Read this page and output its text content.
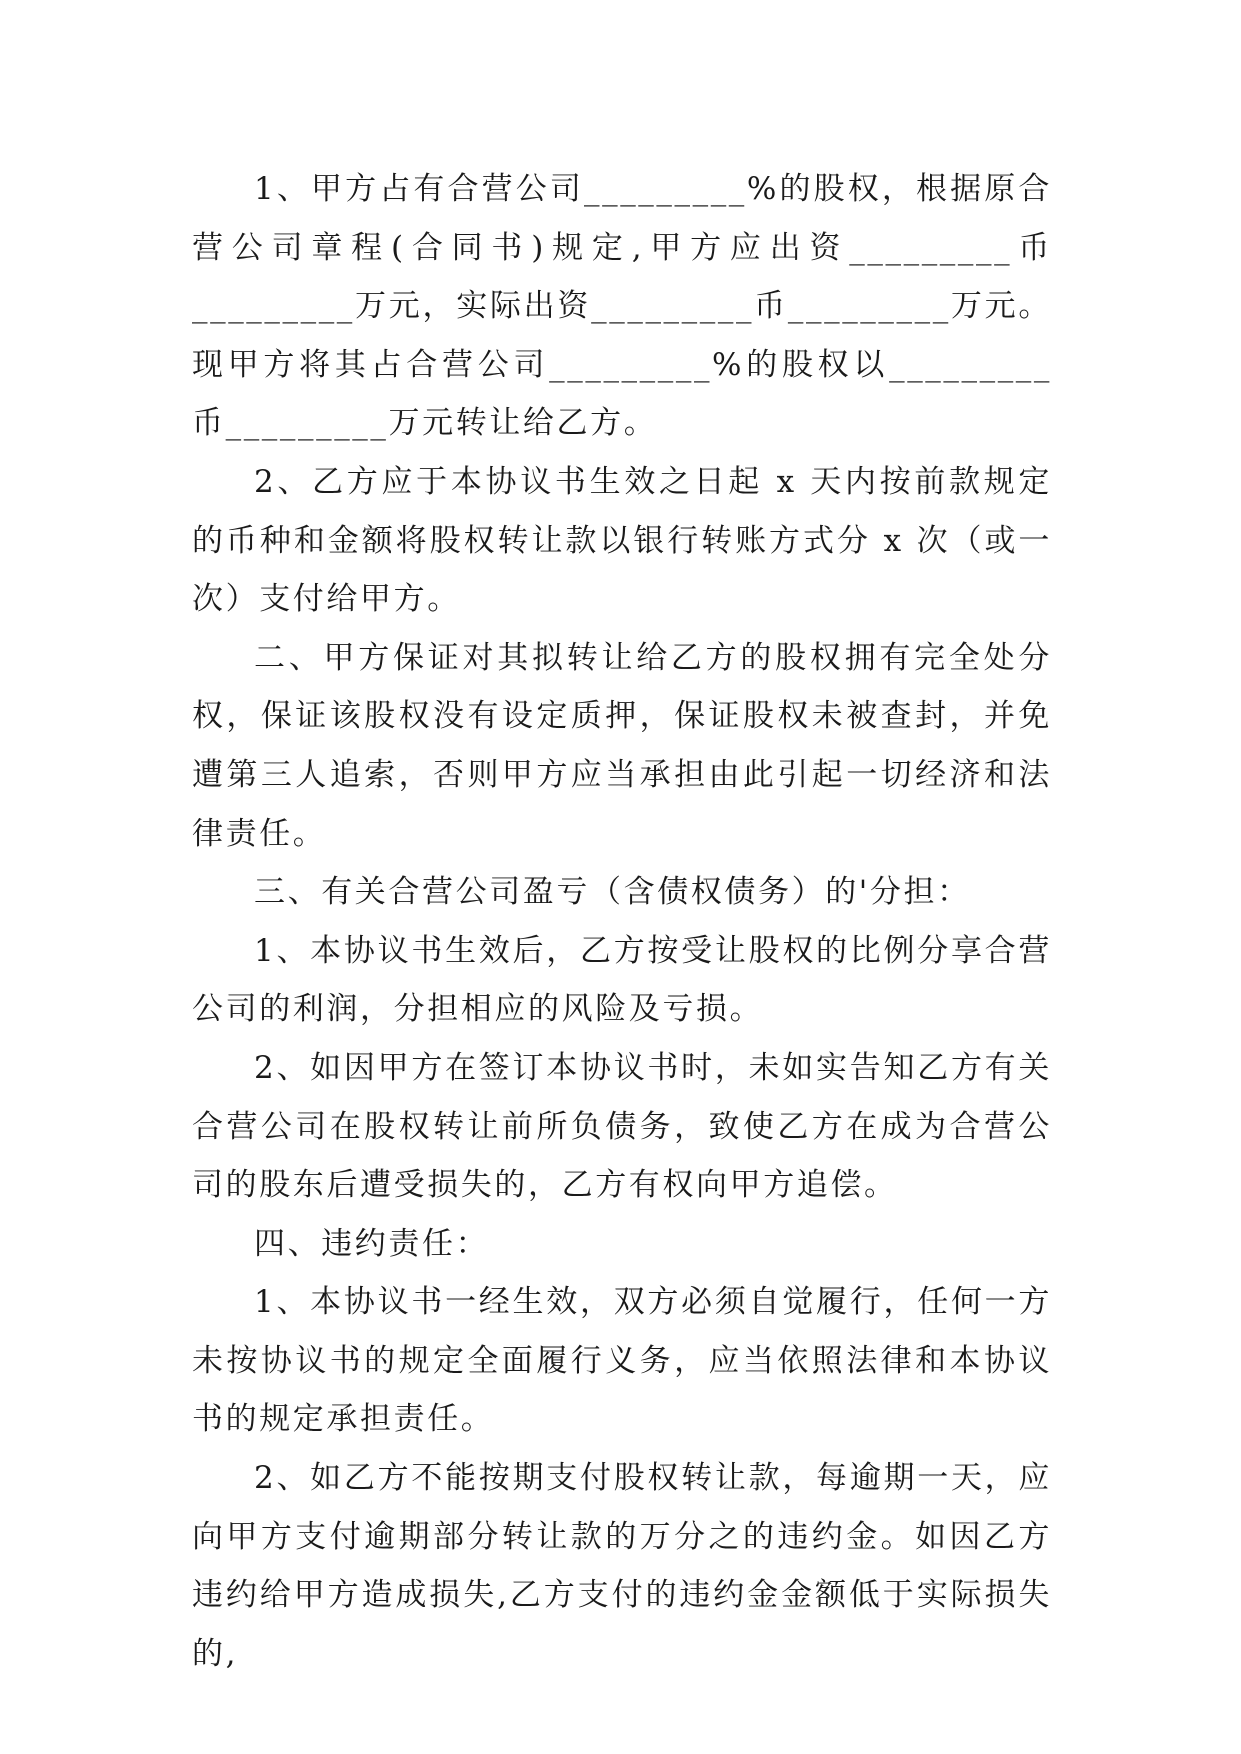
1、甲方占有合营公司_________%的股权，根据原合营公司章程(合同书)规定,甲方应出资_________币_________万元，实际出资_________币_________万元。现甲方将其占合营公司_________%的股权以_________币_________万元转让给乙方。

2、乙方应于本协议书生效之日起 x 天内按前款规定的币种和金额将股权转让款以银行转账方式分 x 次（或一次）支付给甲方。

二、甲方保证对其拟转让给乙方的股权拥有完全处分权，保证该股权没有设定质押，保证股权未被查封，并免遭第三人追索，否则甲方应当承担由此引起一切经济和法律责任。

三、有关合营公司盈亏（含债权债务）的'分担：

1、本协议书生效后，乙方按受让股权的比例分享合营公司的利润，分担相应的风险及亏损。

2、如因甲方在签订本协议书时，未如实告知乙方有关合营公司在股权转让前所负债务，致使乙方在成为合营公司的股东后遭受损失的，乙方有权向甲方追偿。

四、违约责任：

1、本协议书一经生效，双方必须自觉履行，任何一方未按协议书的规定全面履行义务，应当依照法律和本协议书的规定承担责任。

2、如乙方不能按期支付股权转让款，每逾期一天，应向甲方支付逾期部分转让款的万分之的违约金。如因乙方违约给甲方造成损失,乙方支付的违约金金额低于实际损失的,
